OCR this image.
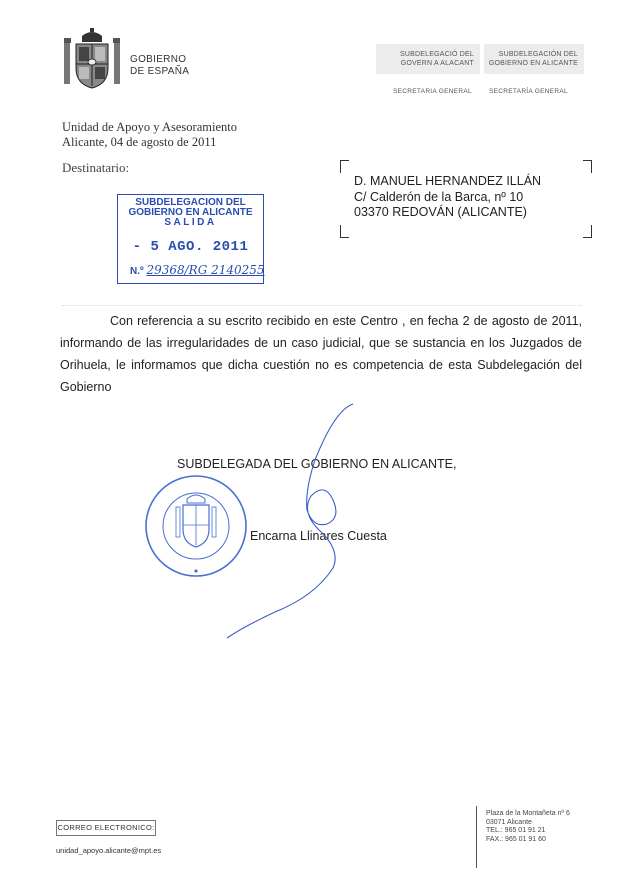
GOBIERNO
DE ESPAÑA
SUBDELEGACIÓ DEL
GOVERN A ALACANT
SUBDELEGACIÓN DEL
GOBIERNO EN ALICANTE
SECRETARIA GENERAL	SECRETARÍA GENERAL
Unidad de Apoyo y Asesoramiento
Alicante, 04 de agosto de 2011
Destinatario:
SUBDELEGACION DEL
GOBIERNO EN ALICANTE
SALIDA
- 5 AGO. 2011
N.º 29368/RG 2140255
D. MANUEL HERNANDEZ ILLÁN
C/ Calderón de la Barca, nº 10
03370 REDOVÁN (ALICANTE)
Con referencia a su escrito recibido en este Centro , en fecha 2 de agosto de 2011, informando de las irregularidades de un caso judicial, que se sustancia en los Juzgados de Orihuela, le informamos que dicha cuestión no es competencia de esta Subdelegación del Gobierno
SUBDELEGADA DEL GOBIERNO EN ALICANTE,
Encarna Llinares Cuesta
CORREO ELECTRONICO:
unidad_apoyo.alicante@mpt.es
Plaza de la Montañeta nº 6
03071 Alicante
TEL.: 965 01 91 21
FAX.: 965 01 91 60
